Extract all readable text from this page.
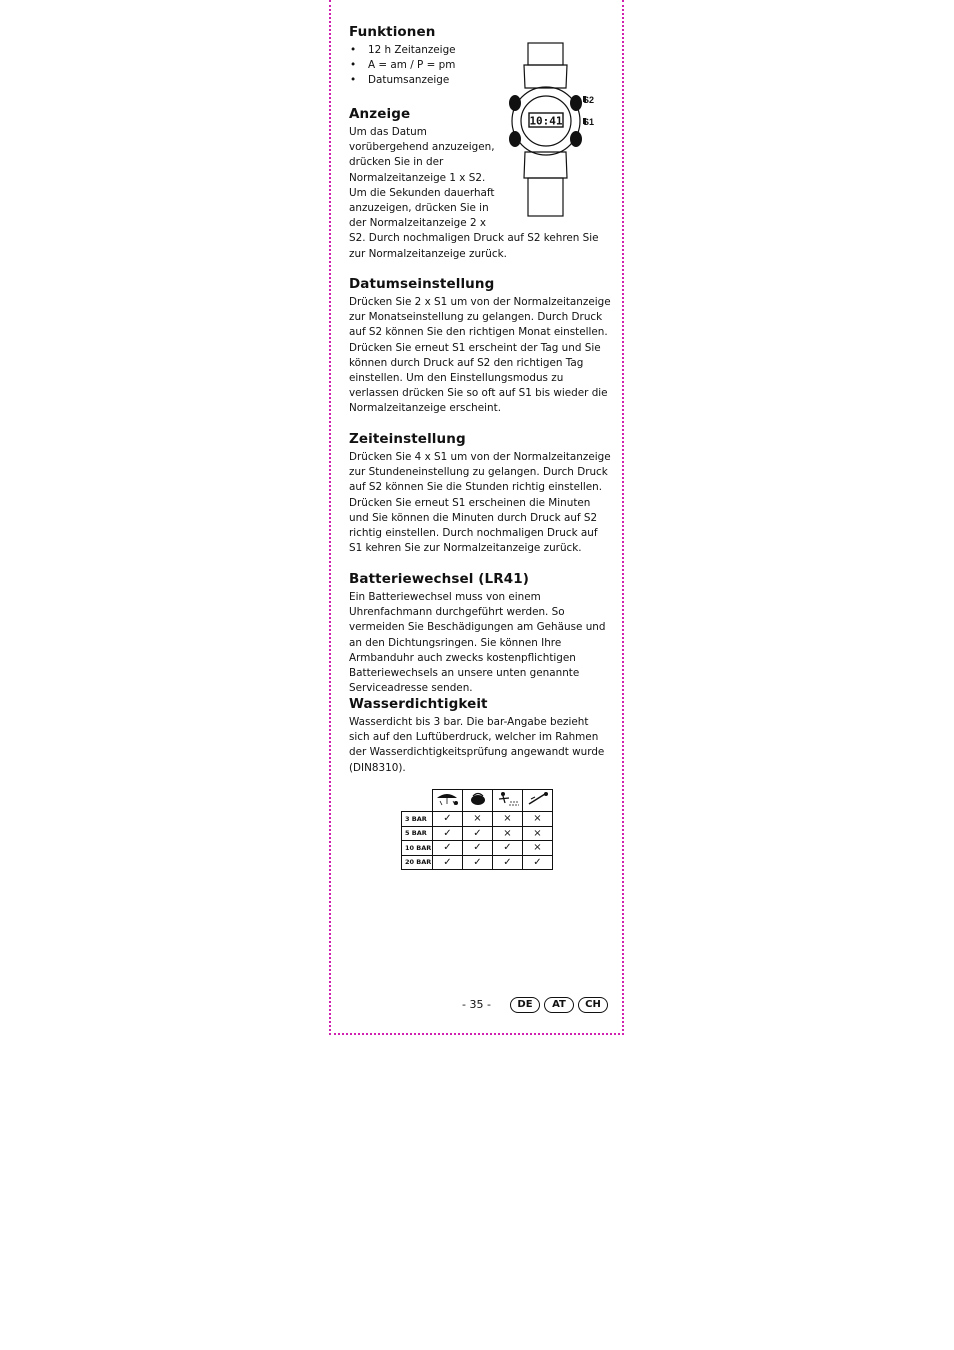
Funktionen
• 12 h Zeitanzeige
• A = am / P = pm
• Datumsanzeige
Anzeige

Um das Datum
vorübergehend anzuzeigen,
drücken Sie in der
Normalzeitanzeige 1 x S2.
Um die Sekunden dauerhaft
anzuzeigen, drücken Sie in
der Normalzeitanzeige 2 x
S2. Durch nochmaligen Druck auf S2 kehren Sie zur Normalzeitanzeige zurück.

Datumseinstellung

Drücken Sie 2 x S1 um von der Normalzeitanzeige zur Monatseinstellung zu gelangen. Durch Druck auf S2 können Sie den richtigen Monat einstellen. Drücken Sie erneut S1 erscheint der Tag und Sie können durch Druck auf S2 den richtigen Tag einstellen. Um den Einstellungsmodus zu verlassen drücken Sie so oft auf S1 bis wieder die Normalzeitanzeige erscheint.

Zeiteinstellung

Drücken Sie 4 x S1 um von der Normalzeitanzeige zur Stundeneinstellung zu gelangen. Durch Druck auf S2 können Sie die Stunden richtig einstellen. Drücken Sie erneut S1 erscheinen die Minuten und Sie können die Minuten durch Druck auf S2 richtig einstellen. Durch nochmaligen Druck auf S1 kehren Sie zur Normalzeitanzeige zurück.

Batteriewechsel (LR41)

Ein Batteriewechsel muss von einem Uhrenfachmann durchgeführt werden. So vermeiden Sie Beschädigungen am Gehäuse und an den Dichtungsringen. Sie können Ihre Armbanduhr auch zwecks kostenpflichtigen Batteriewechsels an unsere unten genannte Serviceadresse senden.

Wasserdichtigkeit

Wasserdicht bis 3 bar. Die bar-Angabe bezieht sich auf den Luftüberdruck, welcher im Rahmen der Wasserdichtigkeitsprüfung angewandt wurde (DIN8310).

10:41
S2
S1

3 BAR	✓	×	×	×
5 BAR	✓	✓	×	×
10 BAR	✓	✓	✓	×
20 BAR	✓	✓	✓	✓
- 35 -	DE	AT	CH
